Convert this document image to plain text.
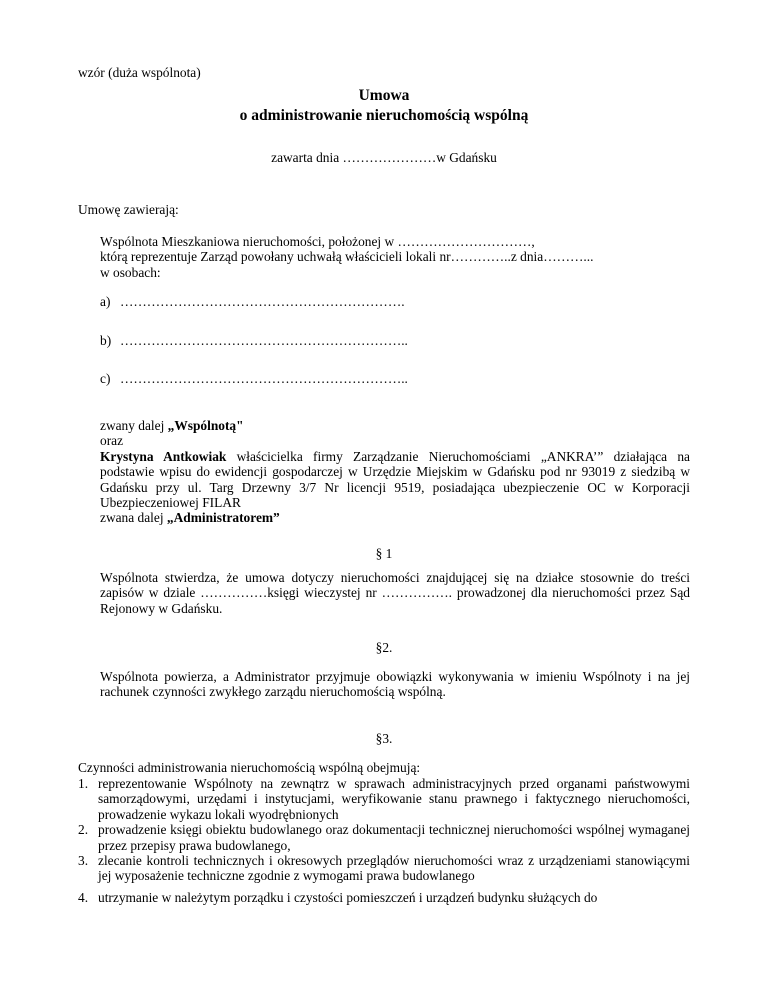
wzór (duża wspólnota)

Umowa

o administrowanie nieruchomością wspólną

zawarta dnia …………………w Gdańsku

Umowę zawierają:

Wspólnota Mieszkaniowa nieruchomości, położonej w …………………………,
którą reprezentuje Zarząd powołany uchwałą właścicieli lokali nr…………..z dnia………...
w osobach:
a) ……………………………………………………….
b) ………………………………………………………..
c) ………………………………………………………..
zwany dalej „Wspólnotą"
oraz
Krystyna Antkowiak właścicielka firmy Zarządzanie Nieruchomościami „ANKRA’” działająca na podstawie wpisu do ewidencji gospodarczej w Urzędzie Miejskim w Gdańsku pod nr 93019 z siedzibą w Gdańsku przy ul. Targ Drzewny 3/7 Nr licencji 9519, posiadająca ubezpieczenie OC w Korporacji Ubezpieczeniowej FILAR
zwana dalej „Administratorem”

§ 1

Wspólnota stwierdza, że umowa dotyczy nieruchomości znajdującej się na działce stosownie do treści zapisów w dziale ……………księgi wieczystej nr ……………. prowadzonej dla nieruchomości przez Sąd Rejonowy w Gdańsku.

§2.

Wspólnota powierza, a Administrator przyjmuje obowiązki wykonywania w imieniu Wspólnoty i na jej rachunek czynności zwykłego zarządu nieruchomością wspólną.

§3.

Czynności administrowania nieruchomością wspólną obejmują:

1. reprezentowanie Wspólnoty na zewnątrz w sprawach administracyjnych przed organami państwowymi samorządowymi, urzędami i instytucjami, weryfikowanie stanu prawnego i faktycznego nieruchomości, prowadzenie wykazu lokali wyodrębnionych
2. prowadzenie księgi obiektu budowlanego oraz dokumentacji technicznej nieruchomości wspólnej wymaganej przez przepisy prawa budowlanego,
3. zlecanie kontroli technicznych i okresowych przeglądów nieruchomości wraz z urządzeniami stanowiącymi jej wyposażenie techniczne zgodnie z wymogami prawa budowlanego
4. utrzymanie w należytym porządku i czystości pomieszczeń i urządzeń budynku służących do
